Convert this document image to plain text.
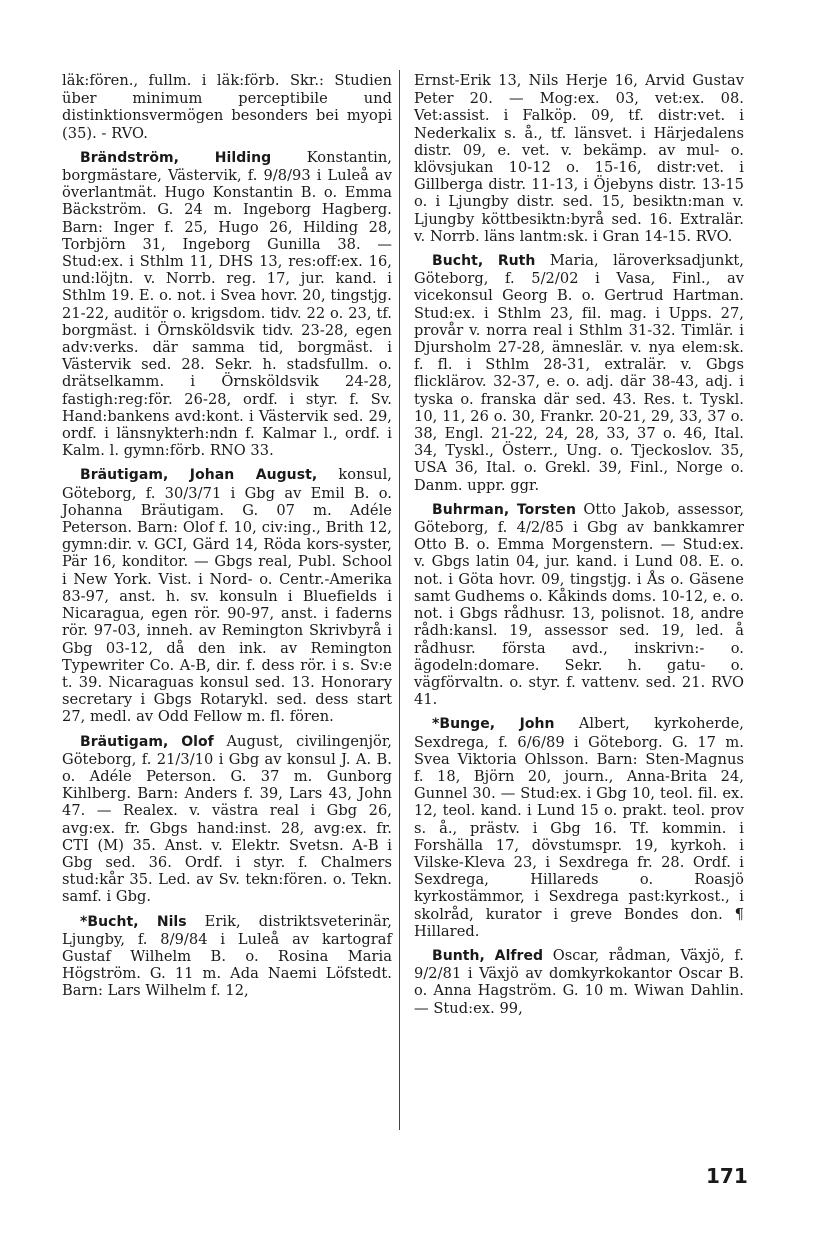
läk:fören., fullm. i läk:förb. Skr.: Studien über minimum perceptibile und distinktionsvermögen besonders bei myopi (35). - RVO.

Brändström, Hilding Konstantin, borgmästare, Västervik, f. 9/8/93 i Luleå av överlantmät. Hugo Konstantin B. o. Emma Bäckström. G. 24 m. Ingeborg Hagberg. Barn: Inger f. 25, Hugo 26, Hilding 28, Torbjörn 31, Ingeborg Gunilla 38. — Stud:ex. i Sthlm 11, DHS 13, res:off:ex. 16, und:löjtn. v. Norrb. reg. 17, jur. kand. i Sthlm 19. E. o. not. i Svea hovr. 20, tingstjg. 21-22, auditör o. krigsdom. tidv. 22 o. 23, tf. borgmäst. i Örnsköldsvik tidv. 23-28, egen adv:verks. där samma tid, borgmäst. i Västervik sed. 28. Sekr. h. stadsfullm. o. drätselkamm. i Örnsköldsvik 24-28, fastigh:reg:för. 26-28, ordf. i styr. f. Sv. Hand:bankens avd:kont. i Västervik sed. 29, ordf. i länsnykterh:ndn f. Kalmar l., ordf. i Kalm. l. gymn:förb. RNO 33.

Bräutigam, Johan August, konsul, Göteborg, f. 30/3/71 i Gbg av Emil B. o. Johanna Bräutigam. G. 07 m. Adéle Peterson. Barn: Olof f. 10, civ:ing., Brith 12, gymn:dir. v. GCI, Gärd 14, Röda kors-syster, Pär 16, konditor. — Gbgs real, Publ. School i New York. Vist. i Nord- o. Centr.-Amerika 83-97, anst. h. sv. konsuln i Bluefields i Nicaragua, egen rör. 90-97, anst. i faderns rör. 97-03, inneh. av Remington Skrivbyrå i Gbg 03-12, då den ink. av Remington Typewriter Co. A-B, dir. f. dess rör. i s. Sv:e t. 39. Nicaraguas konsul sed. 13. Honorary secretary i Gbgs Rotarykl. sed. dess start 27, medl. av Odd Fellow m. fl. fören.

Bräutigam, Olof August, civilingenjör, Göteborg, f. 21/3/10 i Gbg av konsul J. A. B. o. Adéle Peterson. G. 37 m. Gunborg Kihlberg. Barn: Anders f. 39, Lars 43, John 47. — Realex. v. västra real i Gbg 26, avg:ex. fr. Gbgs hand:inst. 28, avg:ex. fr. CTI (M) 35. Anst. v. Elektr. Svetsn. A-B i Gbg sed. 36. Ordf. i styr. f. Chalmers stud:kår 35. Led. av Sv. tekn:fören. o. Tekn. samf. i Gbg.

*Bucht, Nils Erik, distriktsveterinär, Ljungby, f. 8/9/84 i Luleå av kartograf Gustaf Wilhelm B. o. Rosina Maria Högström. G. 11 m. Ada Naemi Löfstedt. Barn: Lars Wilhelm f. 12,

Ernst-Erik 13, Nils Herje 16, Arvid Gustav Peter 20. — Mog:ex. 03, vet:ex. 08. Vet:assist. i Falköp. 09, tf. distr:vet. i Nederkalix s. å., tf. länsvet. i Härjedalens distr. 09, e. vet. v. bekämp. av mul- o. klövsjukan 10-12 o. 15-16, distr:vet. i Gillberga distr. 11-13, i Öjebyns distr. 13-15 o. i Ljungby distr. sed. 15, besiktn:man v. Ljungby köttbesiktn:byrå sed. 16. Extralär. v. Norrb. läns lantm:sk. i Gran 14-15. RVO.

Bucht, Ruth Maria, läroverksadjunkt, Göteborg, f. 5/2/02 i Vasa, Finl., av vicekonsul Georg B. o. Gertrud Hartman. Stud:ex. i Sthlm 23, fil. mag. i Upps. 27, provår v. norra real i Sthlm 31-32. Timlär. i Djursholm 27-28, ämneslär. v. nya elem:sk. f. fl. i Sthlm 28-31, extralär. v. Gbgs flicklärov. 32-37, e. o. adj. där 38-43, adj. i tyska o. franska där sed. 43. Res. t. Tyskl. 10, 11, 26 o. 30, Frankr. 20-21, 29, 33, 37 o. 38, Engl. 21-22, 24, 28, 33, 37 o. 46, Ital. 34, Tyskl., Österr., Ung. o. Tjeckoslov. 35, USA 36, Ital. o. Grekl. 39, Finl., Norge o. Danm. uppr. ggr.

Buhrman, Torsten Otto Jakob, assessor, Göteborg, f. 4/2/85 i Gbg av bankkamrer Otto B. o. Emma Morgenstern. — Stud:ex. v. Gbgs latin 04, jur. kand. i Lund 08. E. o. not. i Göta hovr. 09, tingstjg. i Ås o. Gäsene samt Gudhems o. Kåkinds doms. 10-12, e. o. not. i Gbgs rådhusr. 13, polisnot. 18, andre rådh:kansl. 19, assessor sed. 19, led. å rådhusr. första avd., inskrivn:- o. ägodeln:domare. Sekr. h. gatu- o. vägförvaltn. o. styr. f. vattenv. sed. 21. RVO 41.

*Bunge, John Albert, kyrkoherde, Sexdrega, f. 6/6/89 i Göteborg. G. 17 m. Svea Viktoria Ohlsson. Barn: Sten-Magnus f. 18, Björn 20, journ., Anna-Brita 24, Gunnel 30. — Stud:ex. i Gbg 10, teol. fil. ex. 12, teol. kand. i Lund 15 o. prakt. teol. prov s. å., prästv. i Gbg 16. Tf. kommin. i Forshälla 17, dövstumspr. 19, kyrkoh. i Vilske-Kleva 23, i Sexdrega fr. 28. Ordf. i Sexdrega, Hillareds o. Roasjö kyrkostämmor, i Sexdrega past:kyrkost., i skolråd, kurator i greve Bondes don. ¶ Hillared.

Bunth, Alfred Oscar, rådman, Växjö, f. 9/2/81 i Växjö av domkyrkokantor Oscar B. o. Anna Hagström. G. 10 m. Wiwan Dahlin. — Stud:ex. 99,

171
